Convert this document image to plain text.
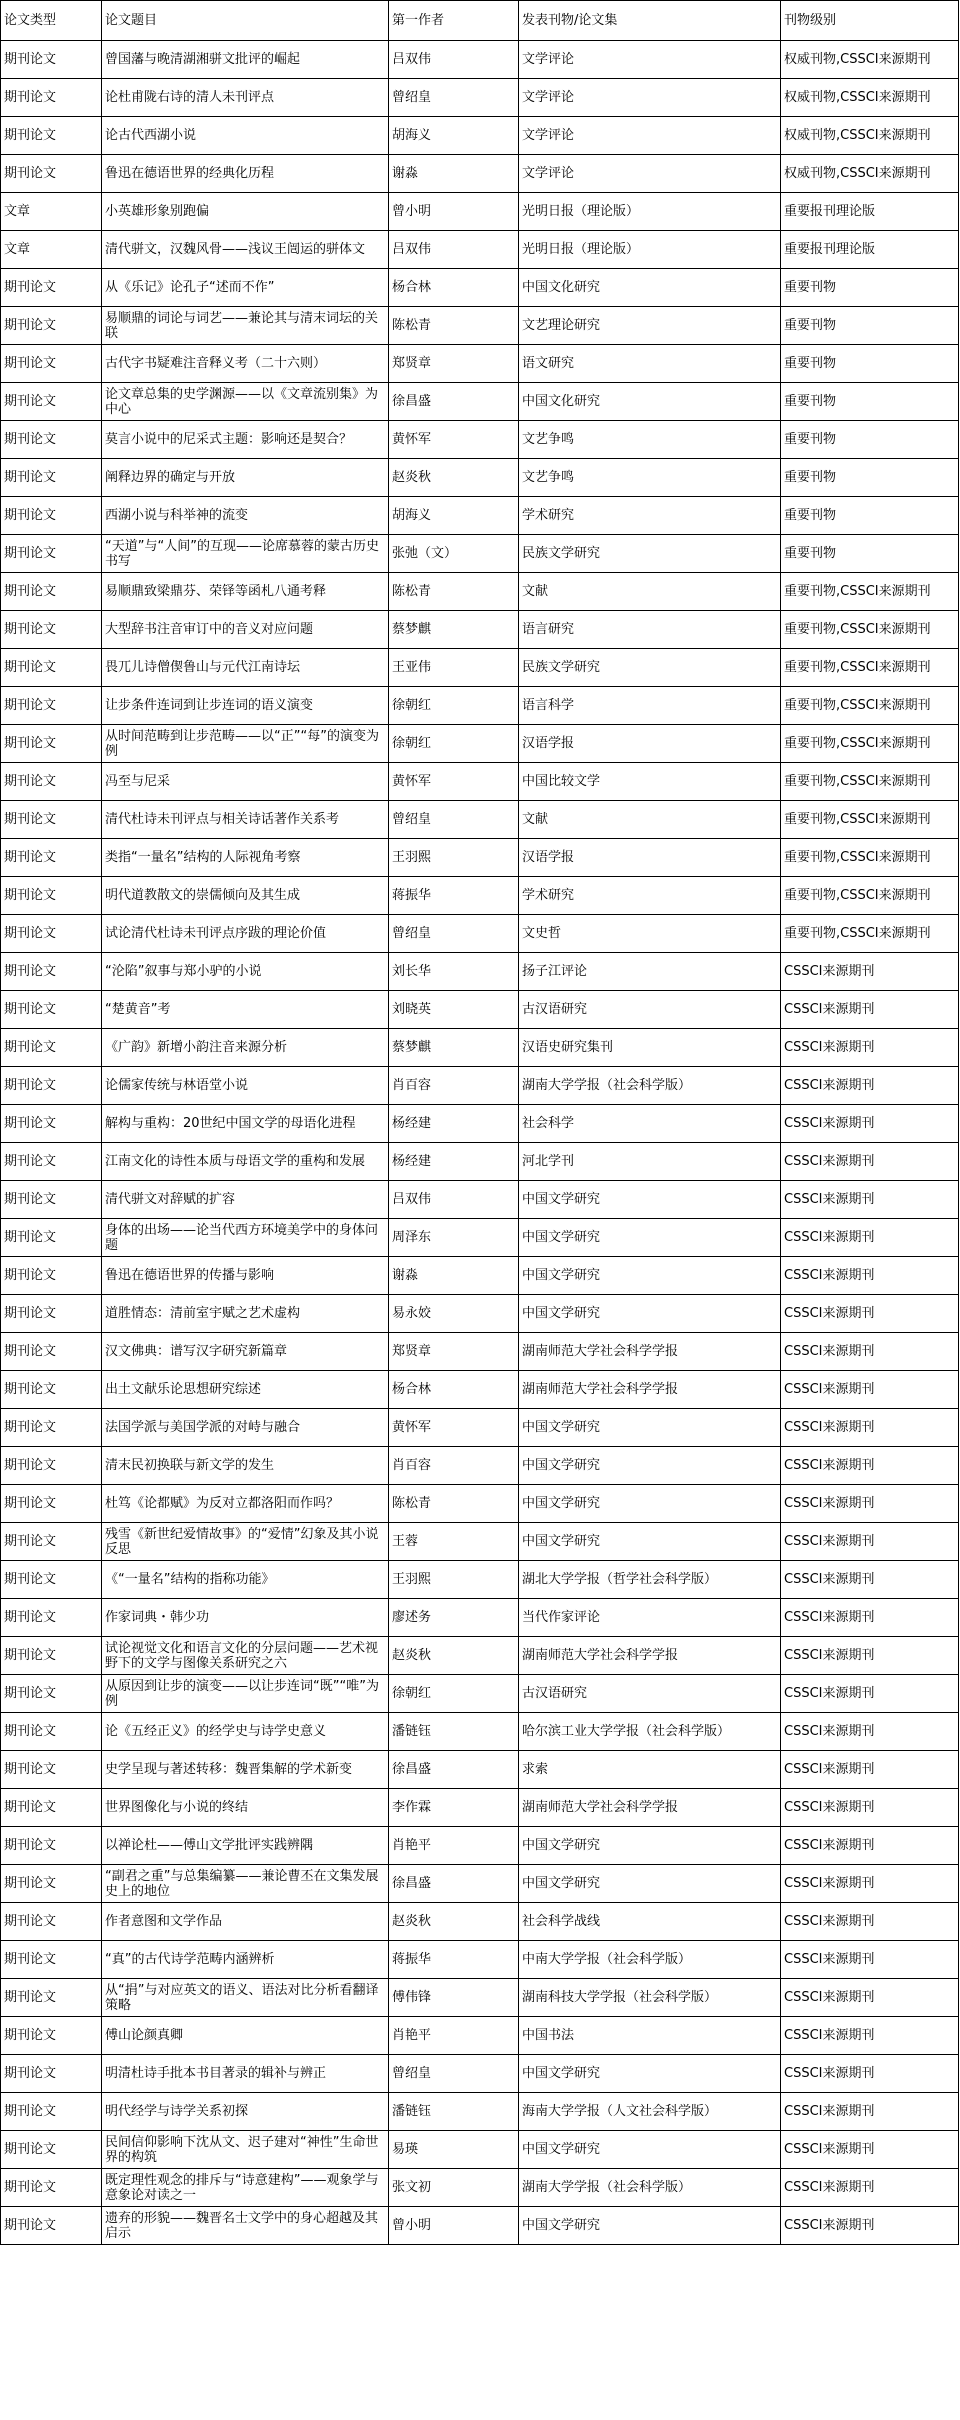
论文类型	论文题目	第一作者	发表刊物/论文集	刊物级别
期刊论文	曾国藩与晚清湖湘骈文批评的崛起	吕双伟	文学评论	权威刊物,CSSCI来源期刊
期刊论文	论杜甫陇右诗的清人未刊评点	曾绍皇	文学评论	权威刊物,CSSCI来源期刊
期刊论文	论古代西湖小说	胡海义	文学评论	权威刊物,CSSCI来源期刊
期刊论文	鲁迅在德语世界的经典化历程	谢淼	文学评论	权威刊物,CSSCI来源期刊
文章	小英雄形象别跑偏	曾小明	光明日报（理论版）	重要报刊理论版
文章	清代骈文，汉魏风骨——浅议王闿运的骈体文	吕双伟	光明日报（理论版）	重要报刊理论版
期刊论文	从《乐记》论孔子“述而不作”	杨合林	中国文化研究	重要刊物
期刊论文	易顺鼎的词论与词艺——兼论其与清末词坛的关联	陈松青	文艺理论研究	重要刊物
期刊论文	古代字书疑难注音释义考（二十六则）	郑贤章	语文研究	重要刊物
期刊论文	论文章总集的史学渊源——以《文章流别集》为中心	徐昌盛	中国文化研究	重要刊物
期刊论文	莫言小说中的尼采式主题：影响还是契合？	黄怀军	文艺争鸣	重要刊物
期刊论文	阐释边界的确定与开放	赵炎秋	文艺争鸣	重要刊物
期刊论文	西湖小说与科举神的流变	胡海义	学术研究	重要刊物
期刊论文	“天道”与“人间”的互现——论席慕蓉的蒙古历史书写	张弛（文）	民族文学研究	重要刊物
期刊论文	易顺鼎致梁鼎芬、荣铎等函札八通考释	陈松青	文献	重要刊物,CSSCI来源期刊
期刊论文	大型辞书注音审订中的音义对应问题	蔡梦麒	语言研究	重要刊物,CSSCI来源期刊
期刊论文	畏兀儿诗僧偰鲁山与元代江南诗坛	王亚伟	民族文学研究	重要刊物,CSSCI来源期刊
期刊论文	让步条件连词到让步连词的语义演变	徐朝红	语言科学	重要刊物,CSSCI来源期刊
期刊论文	从时间范畴到让步范畴——以“正”“每”的演变为例	徐朝红	汉语学报	重要刊物,CSSCI来源期刊
期刊论文	冯至与尼采	黄怀军	中国比较文学	重要刊物,CSSCI来源期刊
期刊论文	清代杜诗未刊评点与相关诗话著作关系考	曾绍皇	文献	重要刊物,CSSCI来源期刊
期刊论文	类指“一量名”结构的人际视角考察	王羽熙	汉语学报	重要刊物,CSSCI来源期刊
期刊论文	明代道教散文的崇儒倾向及其生成	蒋振华	学术研究	重要刊物,CSSCI来源期刊
期刊论文	试论清代杜诗未刊评点序跋的理论价值	曾绍皇	文史哲	重要刊物,CSSCI来源期刊
期刊论文	“沦陷”叙事与郑小驴的小说	刘长华	扬子江评论	CSSCI来源期刊
期刊论文	“楚黄音”考	刘晓英	古汉语研究	CSSCI来源期刊
期刊论文	《广韵》新增小韵注音来源分析	蔡梦麒	汉语史研究集刊	CSSCI来源期刊
期刊论文	论儒家传统与林语堂小说	肖百容	湖南大学学报（社会科学版）	CSSCI来源期刊
期刊论文	解构与重构：20世纪中国文学的母语化进程	杨经建	社会科学	CSSCI来源期刊
期刊论文	江南文化的诗性本质与母语文学的重构和发展	杨经建	河北学刊	CSSCI来源期刊
期刊论文	清代骈文对辞赋的扩容	吕双伟	中国文学研究	CSSCI来源期刊
期刊论文	身体的出场——论当代西方环境美学中的身体问题	周泽东	中国文学研究	CSSCI来源期刊
期刊论文	鲁迅在德语世界的传播与影响	谢淼	中国文学研究	CSSCI来源期刊
期刊论文	道胜情态：清前室宇赋之艺术虚构	易永姣	中国文学研究	CSSCI来源期刊
期刊论文	汉文佛典：谱写汉字研究新篇章	郑贤章	湖南师范大学社会科学学报	CSSCI来源期刊
期刊论文	出土文献乐论思想研究综述	杨合林	湖南师范大学社会科学学报	CSSCI来源期刊
期刊论文	法国学派与美国学派的对峙与融合	黄怀军	中国文学研究	CSSCI来源期刊
期刊论文	清末民初换联与新文学的发生	肖百容	中国文学研究	CSSCI来源期刊
期刊论文	杜笃《论都赋》为反对立都洛阳而作吗？	陈松青	中国文学研究	CSSCI来源期刊
期刊论文	残雪《新世纪爱情故事》的“爱情”幻象及其小说反思	王蓉	中国文学研究	CSSCI来源期刊
期刊论文	《“一量名”结构的指称功能》	王羽熙	湖北大学学报（哲学社会科学版）	CSSCI来源期刊
期刊论文	作家词典・韩少功	廖述务	当代作家评论	CSSCI来源期刊
期刊论文	试论视觉文化和语言文化的分层问题——艺术视野下的文学与图像关系研究之六	赵炎秋	湖南师范大学社会科学学报	CSSCI来源期刊
期刊论文	从原因到让步的演变——以让步连词“既”“唯”为例	徐朝红	古汉语研究	CSSCI来源期刊
期刊论文	论《五经正义》的经学史与诗学史意义	潘链钰	哈尔滨工业大学学报（社会科学版）	CSSCI来源期刊
期刊论文	史学呈现与著述转移：魏晋集解的学术新变	徐昌盛	求索	CSSCI来源期刊
期刊论文	世界图像化与小说的终结	李作霖	湖南师范大学社会科学学报	CSSCI来源期刊
期刊论文	以禅论杜——傅山文学批评实践辨隅	肖艳平	中国文学研究	CSSCI来源期刊
期刊论文	“副君之重”与总集编纂——兼论曹丕在文集发展史上的地位	徐昌盛	中国文学研究	CSSCI来源期刊
期刊论文	作者意图和文学作品	赵炎秋	社会科学战线	CSSCI来源期刊
期刊论文	“真”的古代诗学范畴内涵辨析	蒋振华	中南大学学报（社会科学版）	CSSCI来源期刊
期刊论文	从“捐”与对应英文的语义、语法对比分析看翻译策略	傅伟锋	湖南科技大学学报（社会科学版）	CSSCI来源期刊
期刊论文	傅山论颜真卿	肖艳平	中国书法	CSSCI来源期刊
期刊论文	明清杜诗手批本书目著录的辑补与辨正	曾绍皇	中国文学研究	CSSCI来源期刊
期刊论文	明代经学与诗学关系初探	潘链钰	海南大学学报（人文社会科学版）	CSSCI来源期刊
期刊论文	民间信仰影响下沈从文、迟子建对“神性”生命世界的构筑	易瑛	中国文学研究	CSSCI来源期刊
期刊论文	既定理性观念的排斥与“诗意建构”——观象学与意象论对读之一	张文初	湖南大学学报（社会科学版）	CSSCI来源期刊
期刊论文	遗弃的形貌——魏晋名士文学中的身心超越及其启示	曾小明	中国文学研究	CSSCI来源期刊
